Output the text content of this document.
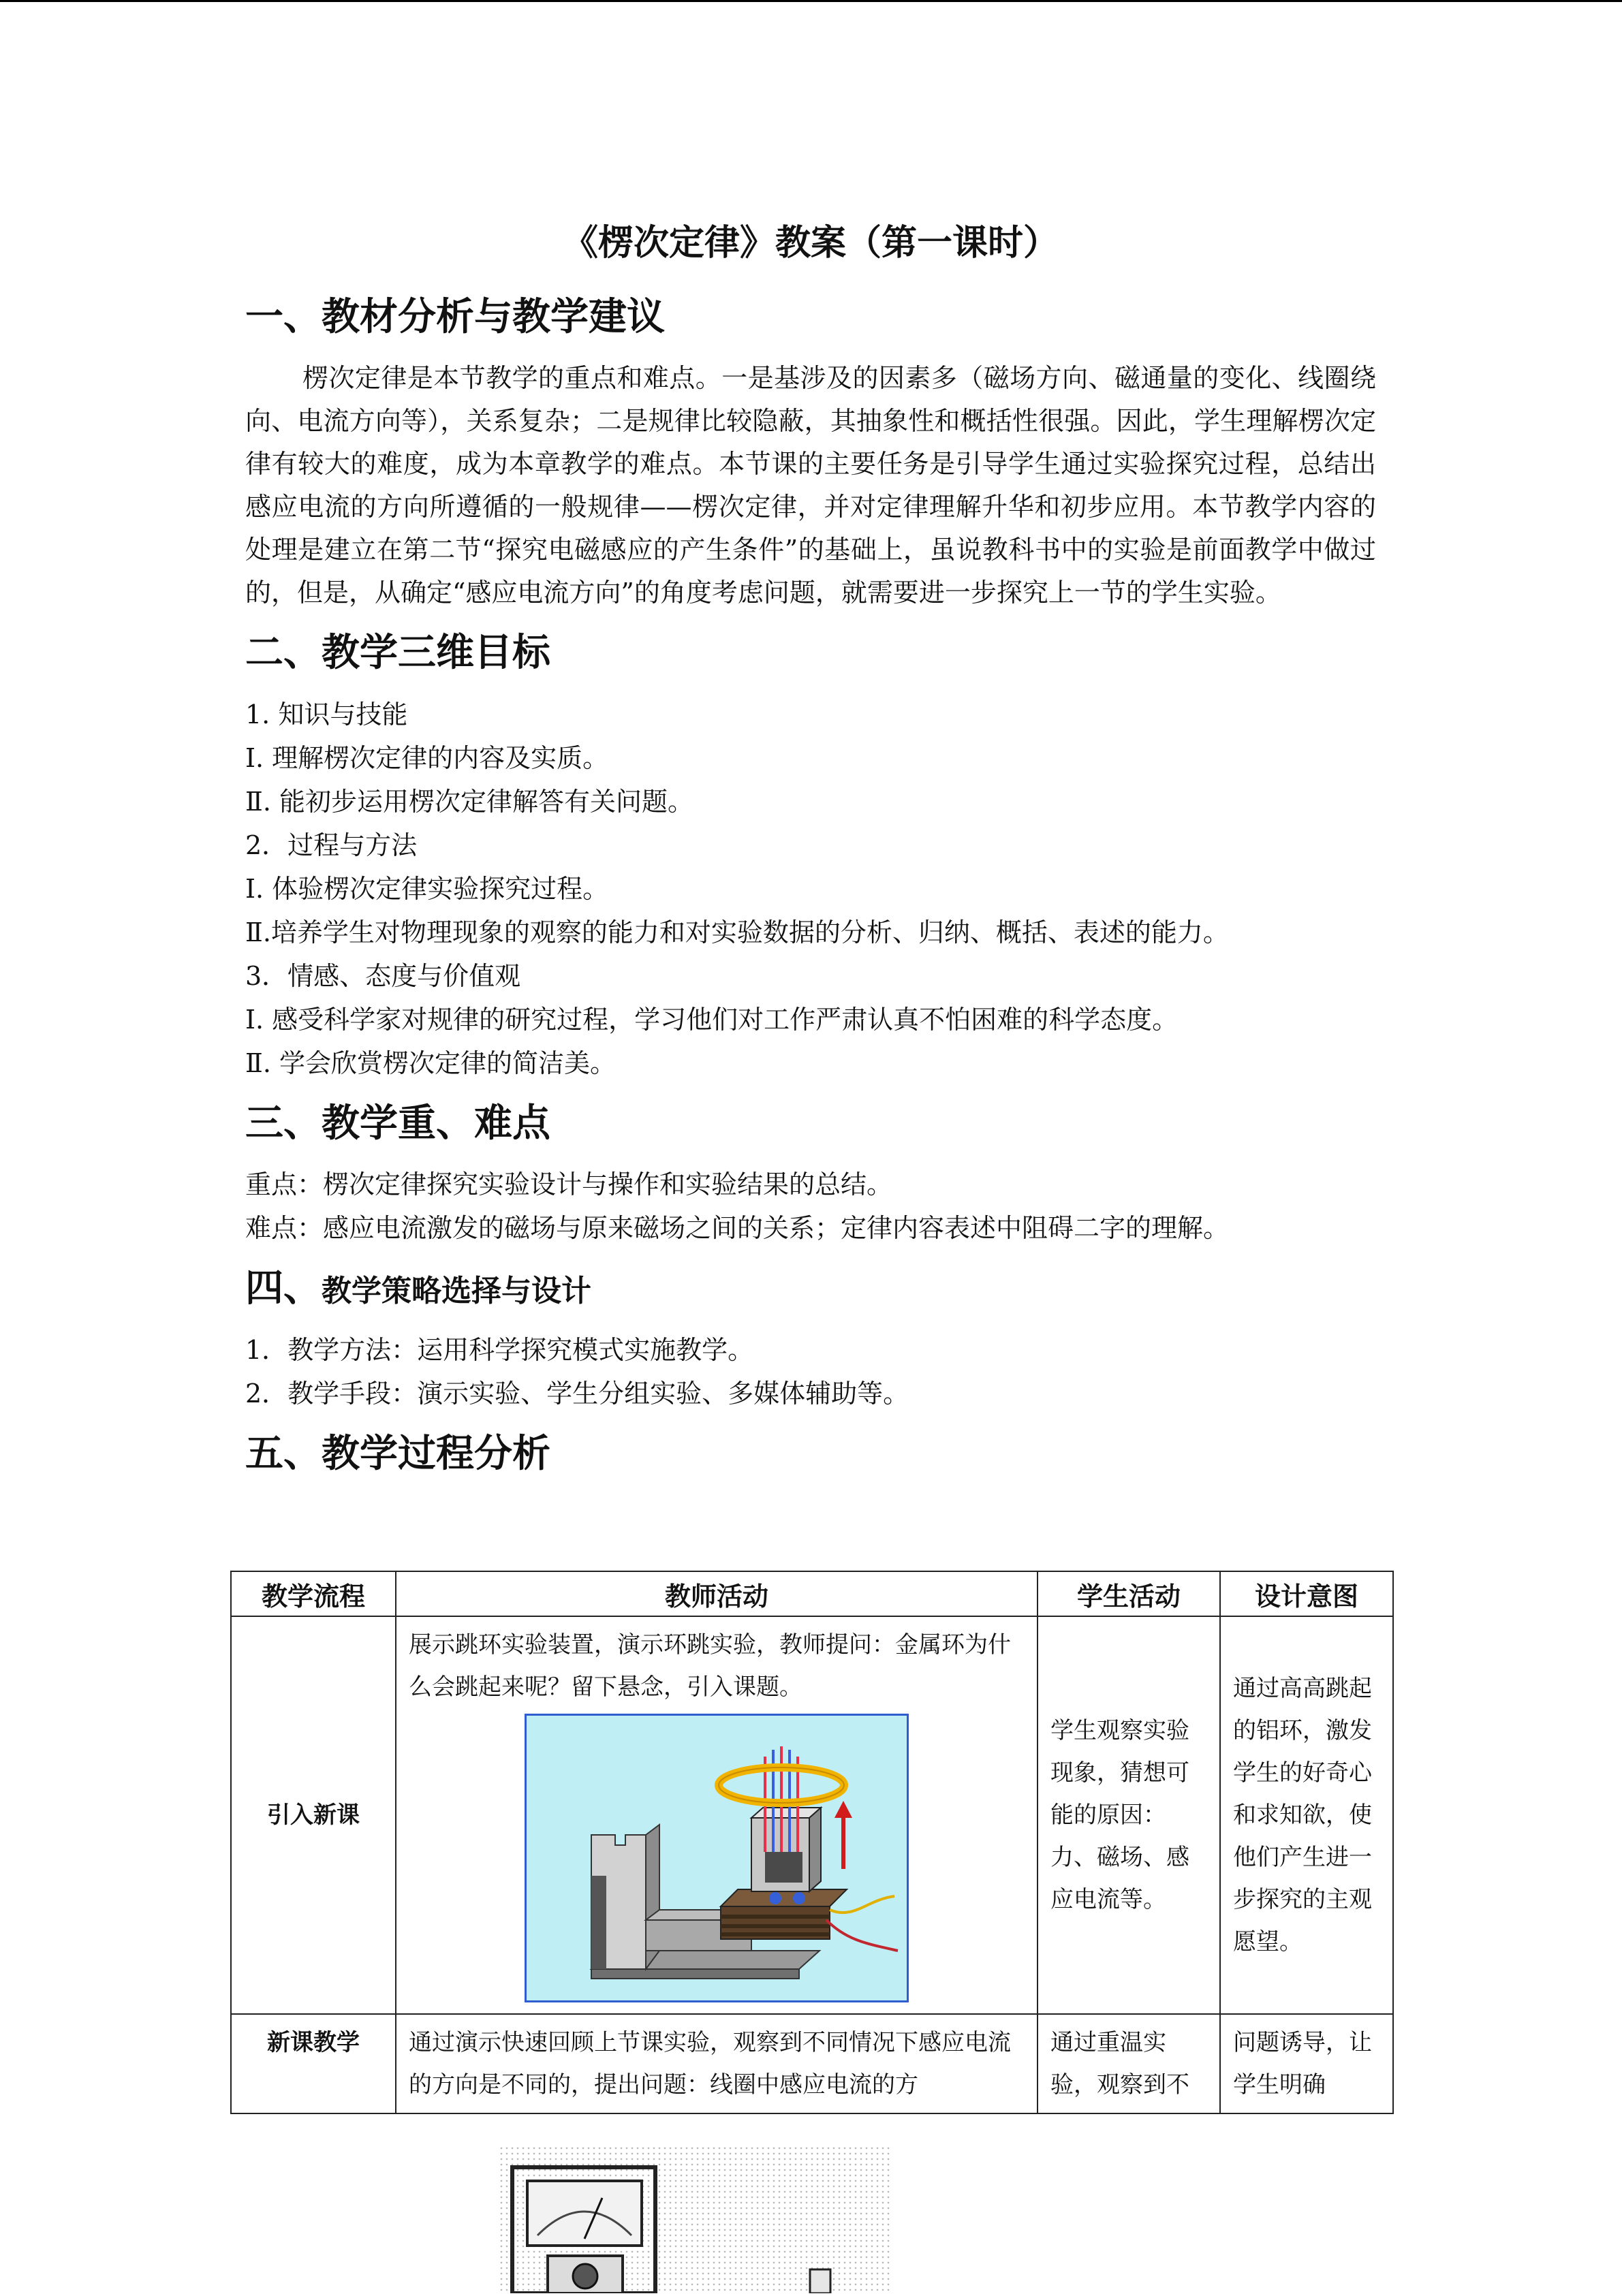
《楞次定律》教案（第一课时）
一、教材分析与教学建议

楞次定律是本节教学的重点和难点。一是基涉及的因素多（磁场方向、磁通量的变化、线圈绕向、电流方向等），关系复杂；二是规律比较隐蔽，其抽象性和概括性很强。因此，学生理解楞次定律有较大的难度，成为本章教学的难点。本节课的主要任务是引导学生通过实验探究过程，总结出感应电流的方向所遵循的一般规律——楞次定律，并对定律理解升华和初步应用。本节教学内容的处理是建立在第二节“探究电磁感应的产生条件”的基础上，虽说教科书中的实验是前面教学中做过的，但是，从确定“感应电流方向”的角度考虑问题，就需要进一步探究上一节的学生实验。

二、教学三维目标

1. 知识与技能

Ⅰ. 理解楞次定律的内容及实质。

Ⅱ. 能初步运用楞次定律解答有关问题。

2．过程与方法

Ⅰ. 体验楞次定律实验探究过程。

Ⅱ.培养学生对物理现象的观察的能力和对实验数据的分析、归纳、概括、表述的能力。

3．情感、态度与价值观

Ⅰ. 感受科学家对规律的研究过程，学习他们对工作严肃认真不怕困难的科学态度。

Ⅱ. 学会欣赏楞次定律的简洁美。

三、教学重、难点

重点：楞次定律探究实验设计与操作和实验结果的总结。

难点：感应电流激发的磁场与原来磁场之间的关系；定律内容表述中阻碍二字的理解。

四、教学策略选择与设计

1．教学方法：运用科学探究模式实施教学。

2．教学手段：演示实验、学生分组实验、多媒体辅助等。

五、教学过程分析
教学流程	教师活动	学生活动	设计意图
引入新课	展示跳环实验装置，演示环跳实验，教师提问：金属环为什么会跳起来呢？留下悬念，引入课题。	学生观察实验现象，猜想可能的原因：力、磁场、感应电流等。	通过高高跳起的铝环，激发学生的好奇心和求知欲，使他们产生进一步探究的主观愿望。
新课教学	通过演示快速回顾上节课实验，观察到不同情况下感应电流的方向是不同的，提出问题：线圈中感应电流的方	通过重温实验，观察到不	问题诱导，让学生明确
